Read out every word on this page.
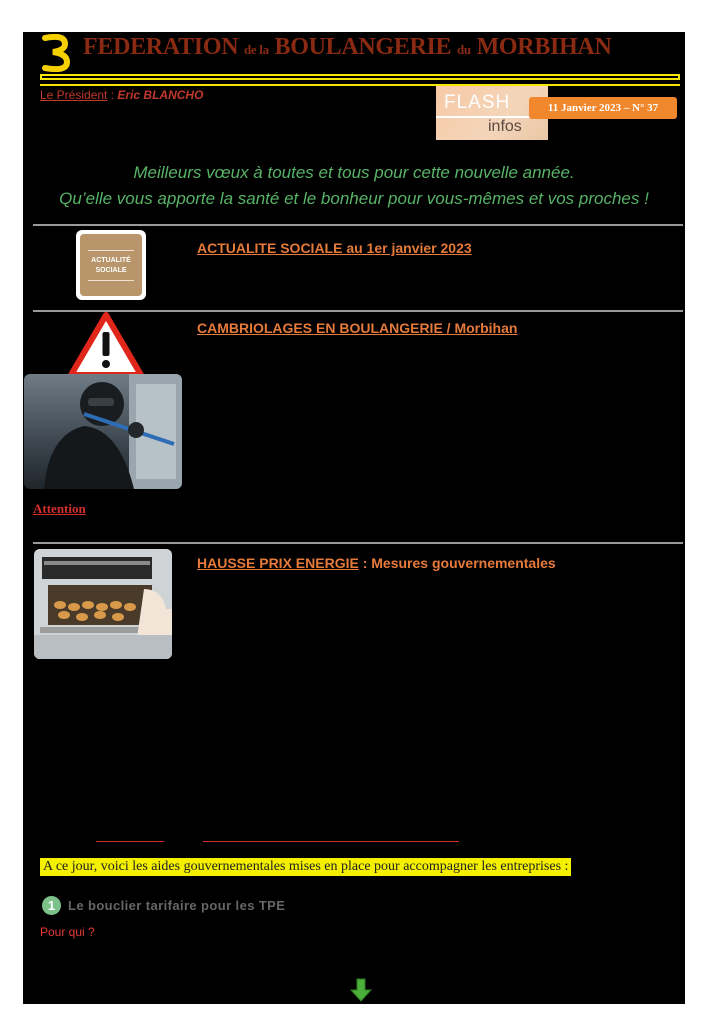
FEDERATION de la BOULANGERIE du MORBIHAN
Le Président : Eric BLANCHO	FLASH
infos
11 Janvier 2023 – N° 37
Meilleurs vœux à toutes et tous pour cette nouvelle année.
Qu’elle vous apporte la santé et le bonheur pour vous-mêmes et vos proches !
ACTUALITÉ
SOCIALE
ACTUALITE SOCIALE au 1er janvier 2023
CAMBRIOLAGES EN BOULANGERIE / Morbihan
Attention
HAUSSE PRIX ENERGIE : Mesures gouvernementales
A ce jour, voici les aides gouvernementales mises en place pour accompagner les entreprises :
1 Le bouclier tarifaire pour les TPE
Pour qui ?
